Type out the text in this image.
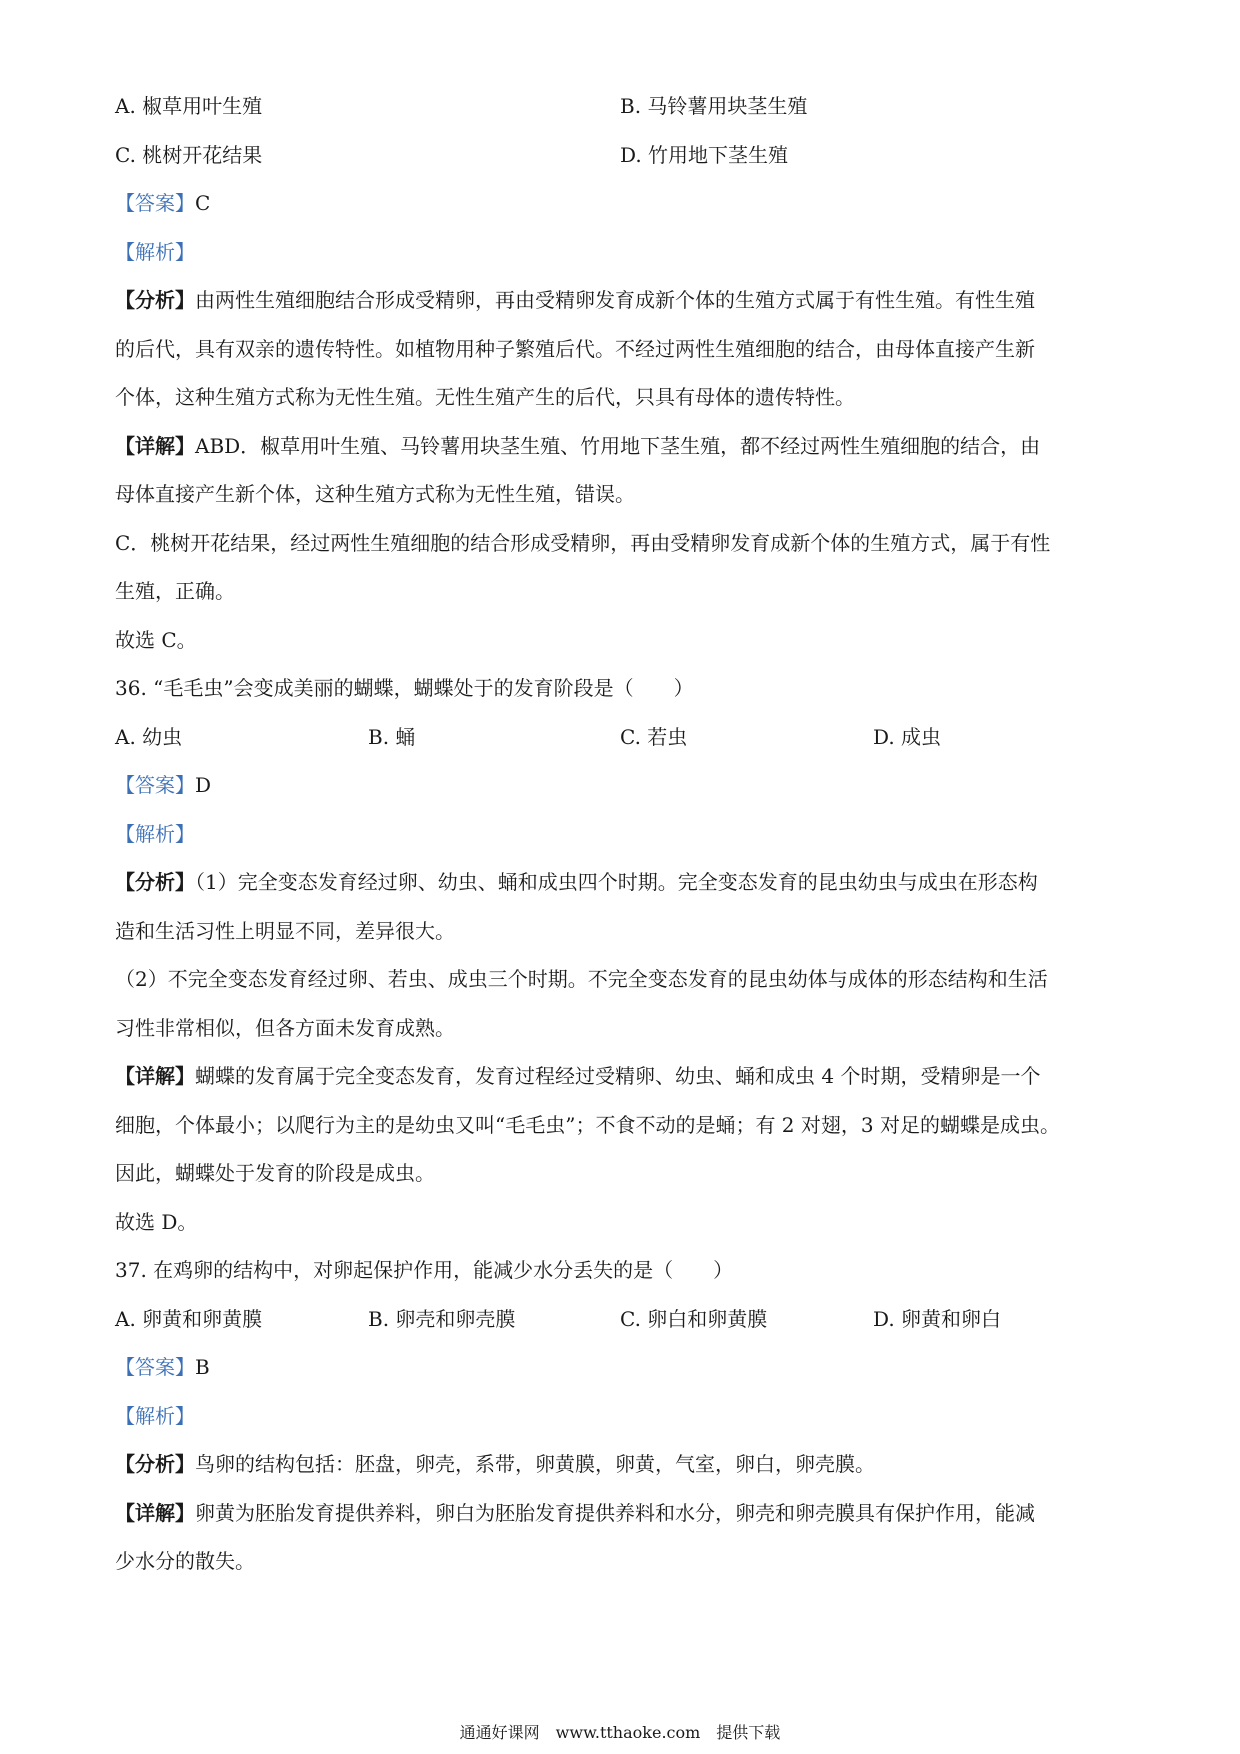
A. 椒草用叶生殖	B. 马铃薯用块茎生殖
C. 桃树开花结果	D. 竹用地下茎生殖
【答案】C
【解析】
【分析】由两性生殖细胞结合形成受精卵，再由受精卵发育成新个体的生殖方式属于有性生殖。有性生殖
的后代，具有双亲的遗传特性。如植物用种子繁殖后代。不经过两性生殖细胞的结合，由母体直接产生新
个体，这种生殖方式称为无性生殖。无性生殖产生的后代，只具有母体的遗传特性。
【详解】ABD．椒草用叶生殖、马铃薯用块茎生殖、竹用地下茎生殖，都不经过两性生殖细胞的结合，由
母体直接产生新个体，这种生殖方式称为无性生殖，错误。
C．桃树开花结果，经过两性生殖细胞的结合形成受精卵，再由受精卵发育成新个体的生殖方式，属于有性
生殖，正确。
故选 C。
36. “毛毛虫”会变成美丽的蝴蝶，蝴蝶处于的发育阶段是（　　）
A. 幼虫	B. 蛹	C. 若虫	D. 成虫
【答案】D
【解析】
【分析】（1）完全变态发育经过卵、幼虫、蛹和成虫四个时期。完全变态发育的昆虫幼虫与成虫在形态构
造和生活习性上明显不同，差异很大。
（2）不完全变态发育经过卵、若虫、成虫三个时期。不完全变态发育的昆虫幼体与成体的形态结构和生活
习性非常相似，但各方面未发育成熟。
【详解】蝴蝶的发育属于完全变态发育，发育过程经过受精卵、幼虫、蛹和成虫 4 个时期，受精卵是一个
细胞，个体最小；以爬行为主的是幼虫又叫“毛毛虫”；不食不动的是蛹；有 2 对翅，3 对足的蝴蝶是成虫。
因此，蝴蝶处于发育的阶段是成虫。
故选 D。
37. 在鸡卵的结构中，对卵起保护作用，能减少水分丢失的是（　　）
A. 卵黄和卵黄膜	B. 卵壳和卵壳膜	C. 卵白和卵黄膜	D. 卵黄和卵白
【答案】B
【解析】
【分析】鸟卵的结构包括：胚盘，卵壳，系带，卵黄膜，卵黄，气室，卵白，卵壳膜。
【详解】卵黄为胚胎发育提供养料，卵白为胚胎发育提供养料和水分，卵壳和卵壳膜具有保护作用，能减
少水分的散失。
通通好课网　www.tthaoke.com　提供下载
